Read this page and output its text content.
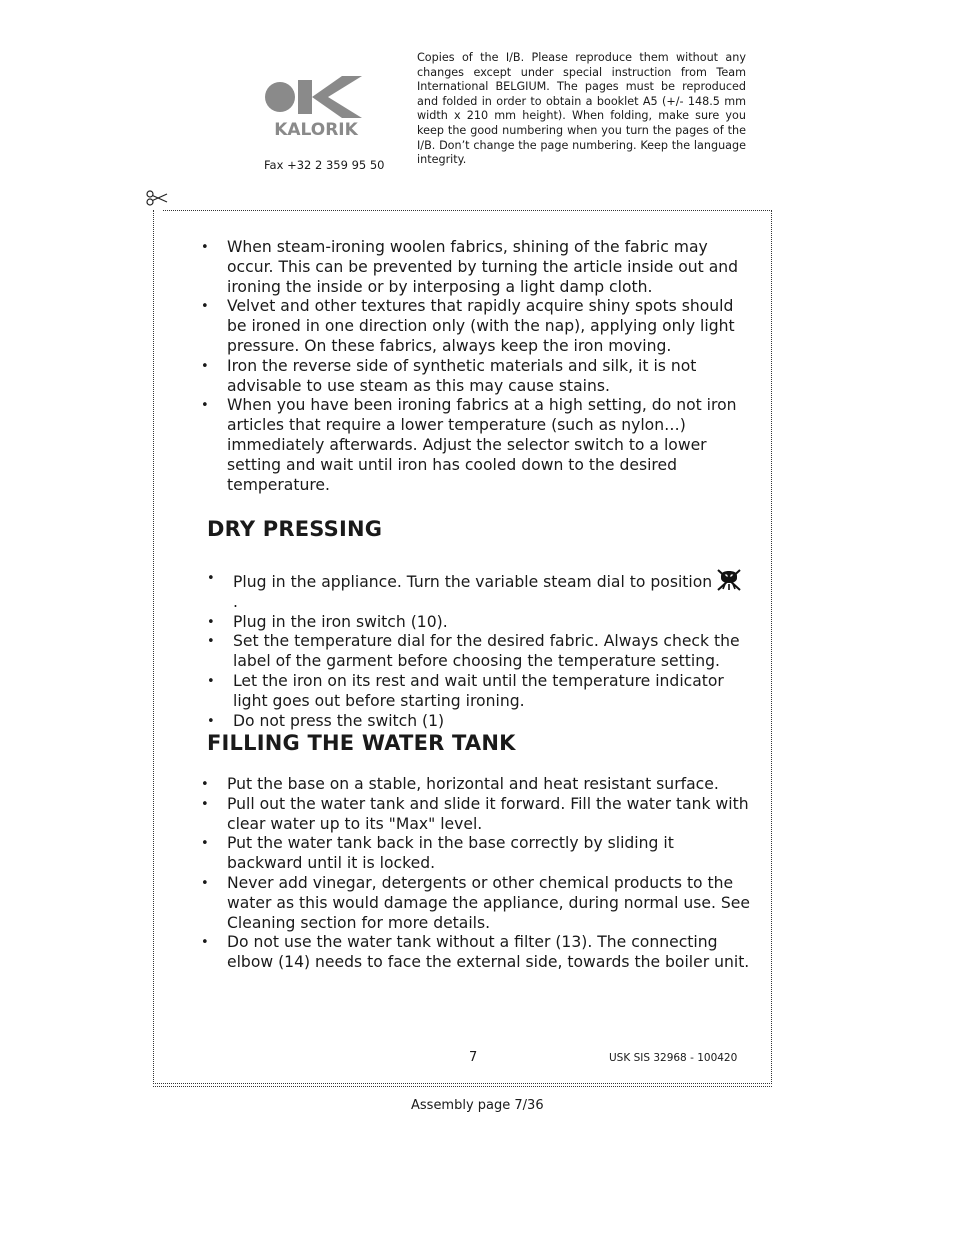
KALORIK
Fax +32 2 359 95 50
Copies of the I/B. Please reproduce them without any changes except under special instruction from Team International BELGIUM. The pages must be reproduced and folded in order to obtain a booklet A5 (+/- 148.5 mm width x 210 mm height). When folding, make sure you keep the good numbering when you turn the pages of the I/B. Don’t change the page numbering. Keep the language integrity.
• When steam-ironing woolen fabrics, shining of the fabric may occur. This can be prevented by turning the article inside out and ironing the inside or by interposing a light damp cloth.
• Velvet and other textures that rapidly acquire shiny spots should be ironed in one direction only (with the nap), applying only light pressure. On these fabrics, always keep the iron moving.
• Iron the reverse side of synthetic materials and silk, it is not advisable to use steam as this may cause stains.
• When you have been ironing fabrics at a high setting, do not iron articles that require a lower temperature (such as nylon…) immediately afterwards. Adjust the selector switch to a lower setting and wait until iron has cooled down to the desired temperature.
DRY PRESSING
• Plug in the appliance. Turn the variable steam dial to position .
• Plug in the iron switch (10).
• Set the temperature dial for the desired fabric. Always check the label of the garment before choosing the temperature setting.
• Let the iron on its rest and wait until the temperature indicator light goes out before starting ironing.
• Do not press the switch (1)
FILLING THE WATER TANK
• Put the base on a stable, horizontal and heat resistant surface.
• Pull out the water tank and slide it forward. Fill the water tank with clear water up to its "Max" level.
• Put the water tank back in the base correctly by sliding it backward until it is locked.
• Never add vinegar, detergents or other chemical products to the water as this would damage the appliance, during normal use. See Cleaning section for more details.
• Do not use the water tank without a filter (13). The connecting elbow (14) needs to face the external side, towards the boiler unit.
7	USK SIS 32968 - 100420
Assembly page 7/36
